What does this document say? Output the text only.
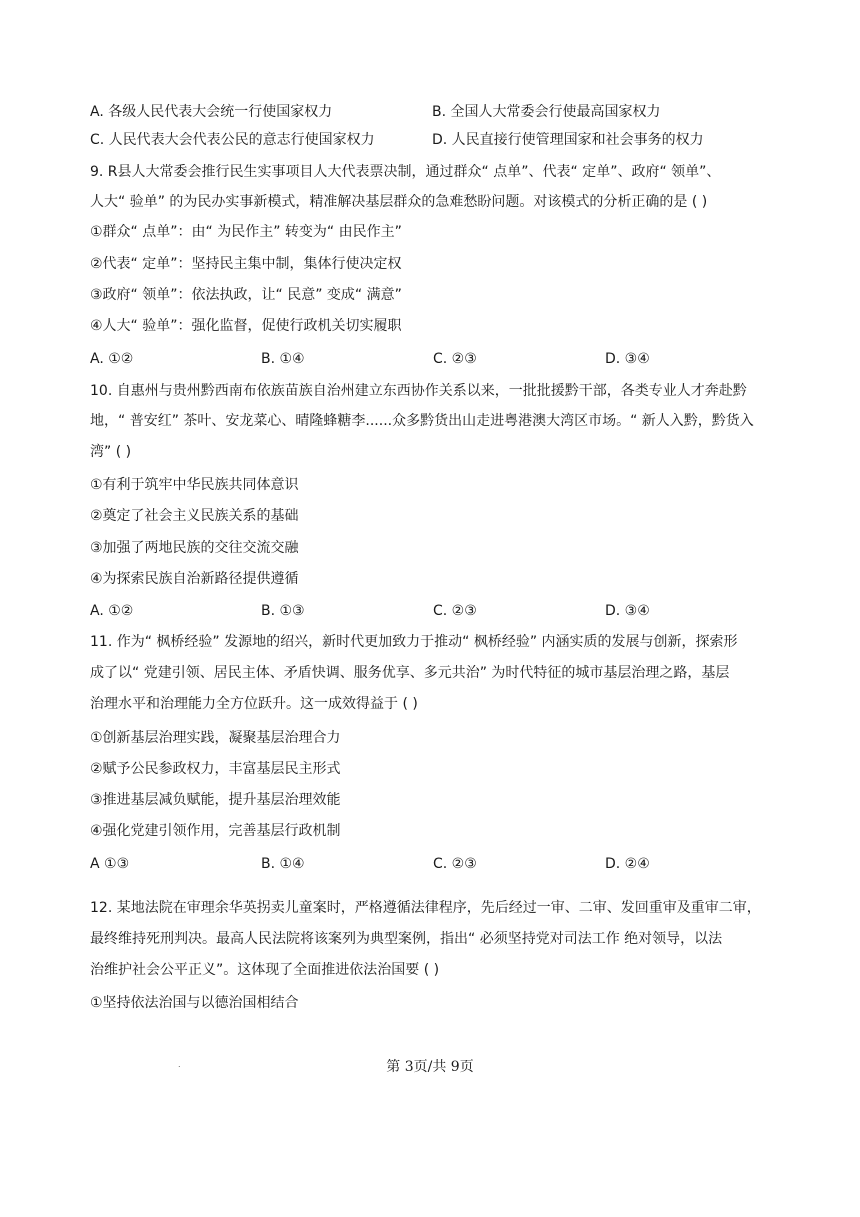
A. 各级人民代表大会统一行使国家权力	B. 全国人大常委会行使最高国家权力
C. 人民代表大会代表公民的意志行使国家权力	D. 人民直接行使管理国家和社会事务的权力
9. R县人大常委会推行民生实事项目人大代表票决制，通过群众“ 点单”、代表“ 定单”、政府“ 领单”、
人大“ 验单” 的为民办实事新模式，精准解决基层群众的急难愁盼问题。对该模式的分析正确的是 ( )
①群众“ 点单”：由“ 为民作主” 转变为“ 由民作主”
②代表“ 定单”：坚持民主集中制，集体行使决定权
③政府“ 领单”：依法执政，让“ 民意” 变成“ 满意”
④人大“ 验单”：强化监督，促使行政机关切实履职
A. ①②	B. ①④	C. ②③	D. ③④
10. 自惠州与贵州黔西南布依族苗族自治州建立东西协作关系以来，一批批援黔干部，各类专业人才奔赴黔
地，“ 普安红” 茶叶、安龙菜心、晴隆蜂糖李......众多黔货出山走进粤港澳大湾区市场。“ 新人入黔，黔货入
湾” ( )
①有利于筑牢中华民族共同体意识
②奠定了社会主义民族关系的基础
③加强了两地民族的交往交流交融
④为探索民族自治新路径提供遵循
A. ①②	B. ①③	C. ②③	D. ③④
11. 作为“ 枫桥经验” 发源地的绍兴，新时代更加致力于推动“ 枫桥经验” 内涵实质的发展与创新，探索形
成了以“ 党建引领、居民主体、矛盾快调、服务优享、多元共治” 为时代特征的城市基层治理之路，基层
治理水平和治理能力全方位跃升。这一成效得益于 ( )
①创新基层治理实践，凝聚基层治理合力
②赋予公民参政权力，丰富基层民主形式
③推进基层减负赋能，提升基层治理效能
④强化党建引领作用，完善基层行政机制
A ①③	B. ①④	C. ②③	D. ②④
12. 某地法院在审理余华英拐卖儿童案时，严格遵循法律程序，先后经过一审、二审、发回重审及重审二审，
最终维持死刑判决。最高人民法院将该案列为典型案例，指出“ 必须坚持党对司法工作 绝对领导，以法
治维护社会公平正义”。这体现了全面推进依法治国要 ( )
①坚持依法治国与以德治国相结合
.	第 3页/共 9页
